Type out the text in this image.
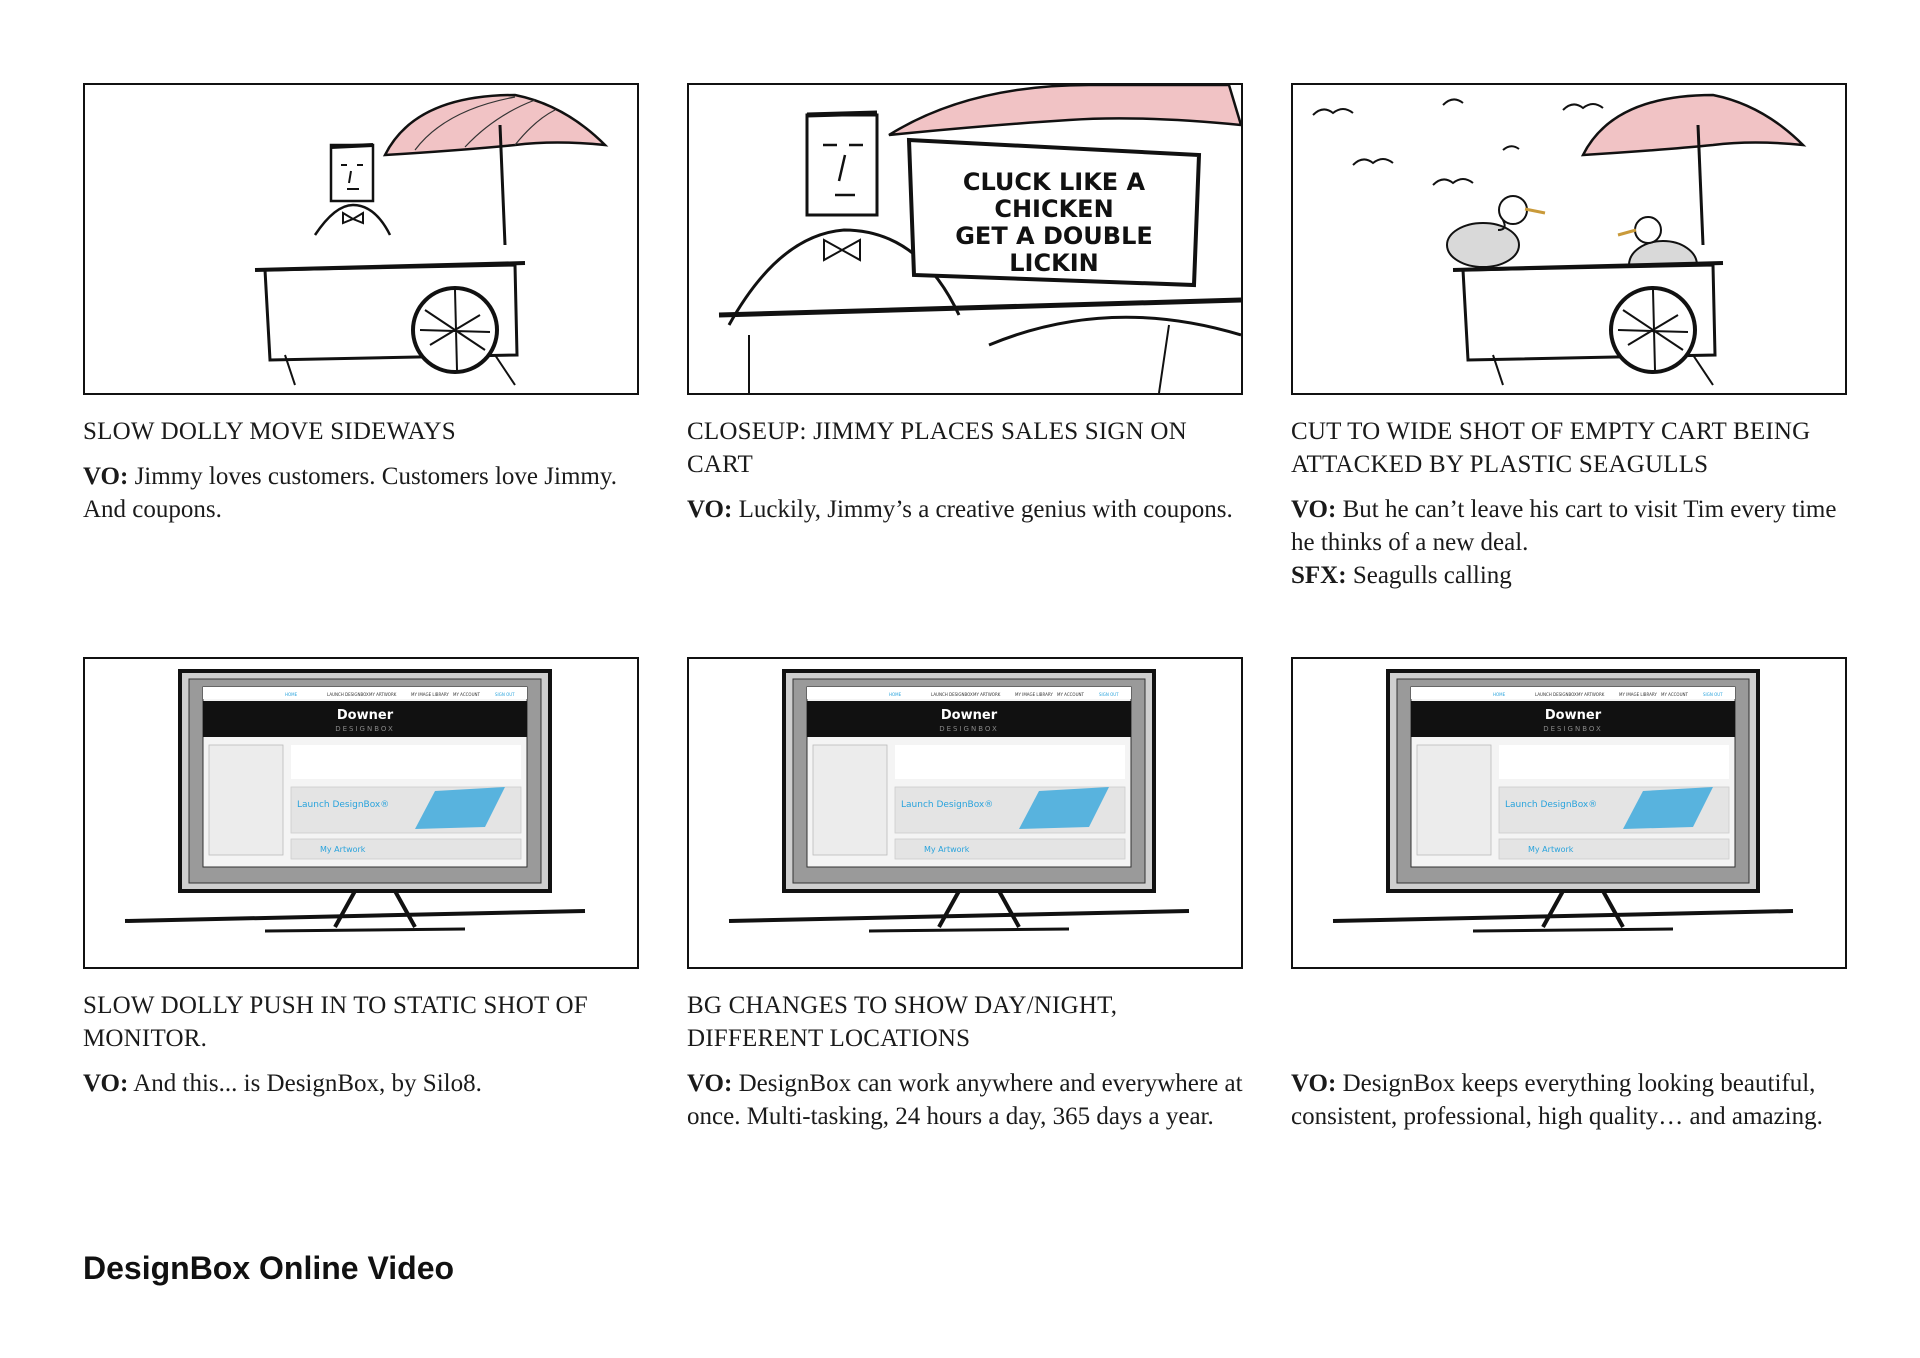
SLOW DOLLY MOVE SIDEWAYS
VO: Jimmy loves customers. Customers love Jimmy. And coupons.
CLUCK LIKE A
CHICKEN
GET A DOUBLE
LICKIN
CLOSEUP: JIMMY PLACES SALES SIGN ON CART
VO: Luckily, Jimmy’s a creative genius with coupons.
CUT TO WIDE SHOT OF EMPTY CART BEING ATTACKED BY PLASTIC SEAGULLS
VO: But he can’t leave his cart to visit Tim every time he thinks of a new deal.
SFX: Seagulls calling
HOME	LAUNCH DESIGNBOX MY ARTWORK	MY IMAGE LIBRARY MY ACCOUNT	SIGN OUT
Downer
DESIGNBOX
Launch DesignBox®
My Artwork
SLOW DOLLY PUSH IN TO STATIC SHOT OF MONITOR.
VO: And this... is DesignBox, by Silo8.
HOME	LAUNCH DESIGNBOX MY ARTWORK	MY IMAGE LIBRARY MY ACCOUNT	SIGN OUT
Downer
DESIGNBOX
Launch DesignBox®
My Artwork
BG CHANGES TO SHOW DAY/NIGHT, DIFFERENT LOCATIONS
VO: DesignBox can work anywhere and everywhere at once. Multi-tasking, 24 hours a day, 365 days a year.
HOME	LAUNCH DESIGNBOX MY ARTWORK	MY IMAGE LIBRARY MY ACCOUNT	SIGN OUT
Downer
DESIGNBOX
Launch DesignBox®
My Artwork
VO: DesignBox keeps everything looking beautiful, consistent, professional, high quality… and amazing.
DesignBox Online Video
